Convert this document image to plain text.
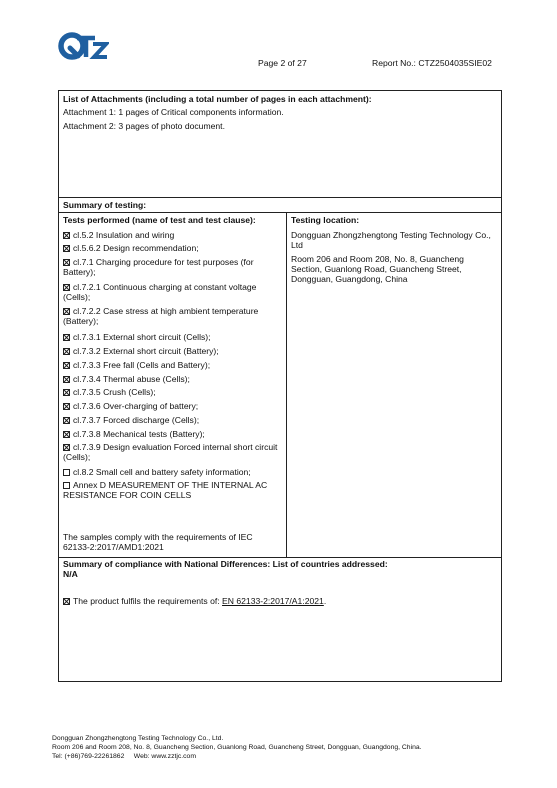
Page 2 of 27	Report No.: CTZ2504035SIE02
List of Attachments (including a total number of pages in each attachment):
Attachment 1: 1 pages of Critical components information.
Attachment 2: 3 pages of photo document.
Summary of testing:
Tests performed (name of test and test clause):
cl.5.2 Insulation and wiring
cl.5.6.2 Design recommendation;
cl.7.1 Charging procedure for test purposes (for Battery);
cl.7.2.1 Continuous charging at constant voltage (Cells);
cl.7.2.2 Case stress at high ambient temperature (Battery);
cl.7.3.1 External short circuit (Cells);
cl.7.3.2 External short circuit (Battery);
cl.7.3.3 Free fall (Cells and Battery);
cl.7.3.4 Thermal abuse (Cells);
cl.7.3.5 Crush (Cells);
cl.7.3.6 Over-charging of battery;
cl.7.3.7 Forced discharge (Cells);
cl.7.3.8 Mechanical tests (Battery);
cl.7.3.9 Design evaluation Forced internal short circuit (Cells);
cl.8.2 Small cell and battery safety information;
Annex D MEASUREMENT OF THE INTERNAL AC RESISTANCE FOR COIN CELLS
The samples comply with the requirements of IEC 62133-2:2017/AMD1:2021
Testing location:
Dongguan Zhongzhengtong Testing Technology Co., Ltd
Room 206 and Room 208, No. 8, Guancheng Section, Guanlong Road, Guancheng Street, Dongguan, Guangdong, China
Summary of compliance with National Differences: List of countries addressed:
N/A
The product fulfils the requirements of: EN 62133-2:2017/A1:2021.
Dongguan Zhongzhengtong Testing Technology Co., Ltd.
Room 206 and Room 208, No. 8, Guancheng Section, Guanlong Road, Guancheng Street, Dongguan, Guangdong, China.
Tel: (+86)769-22261862     Web: www.zztjc.com
